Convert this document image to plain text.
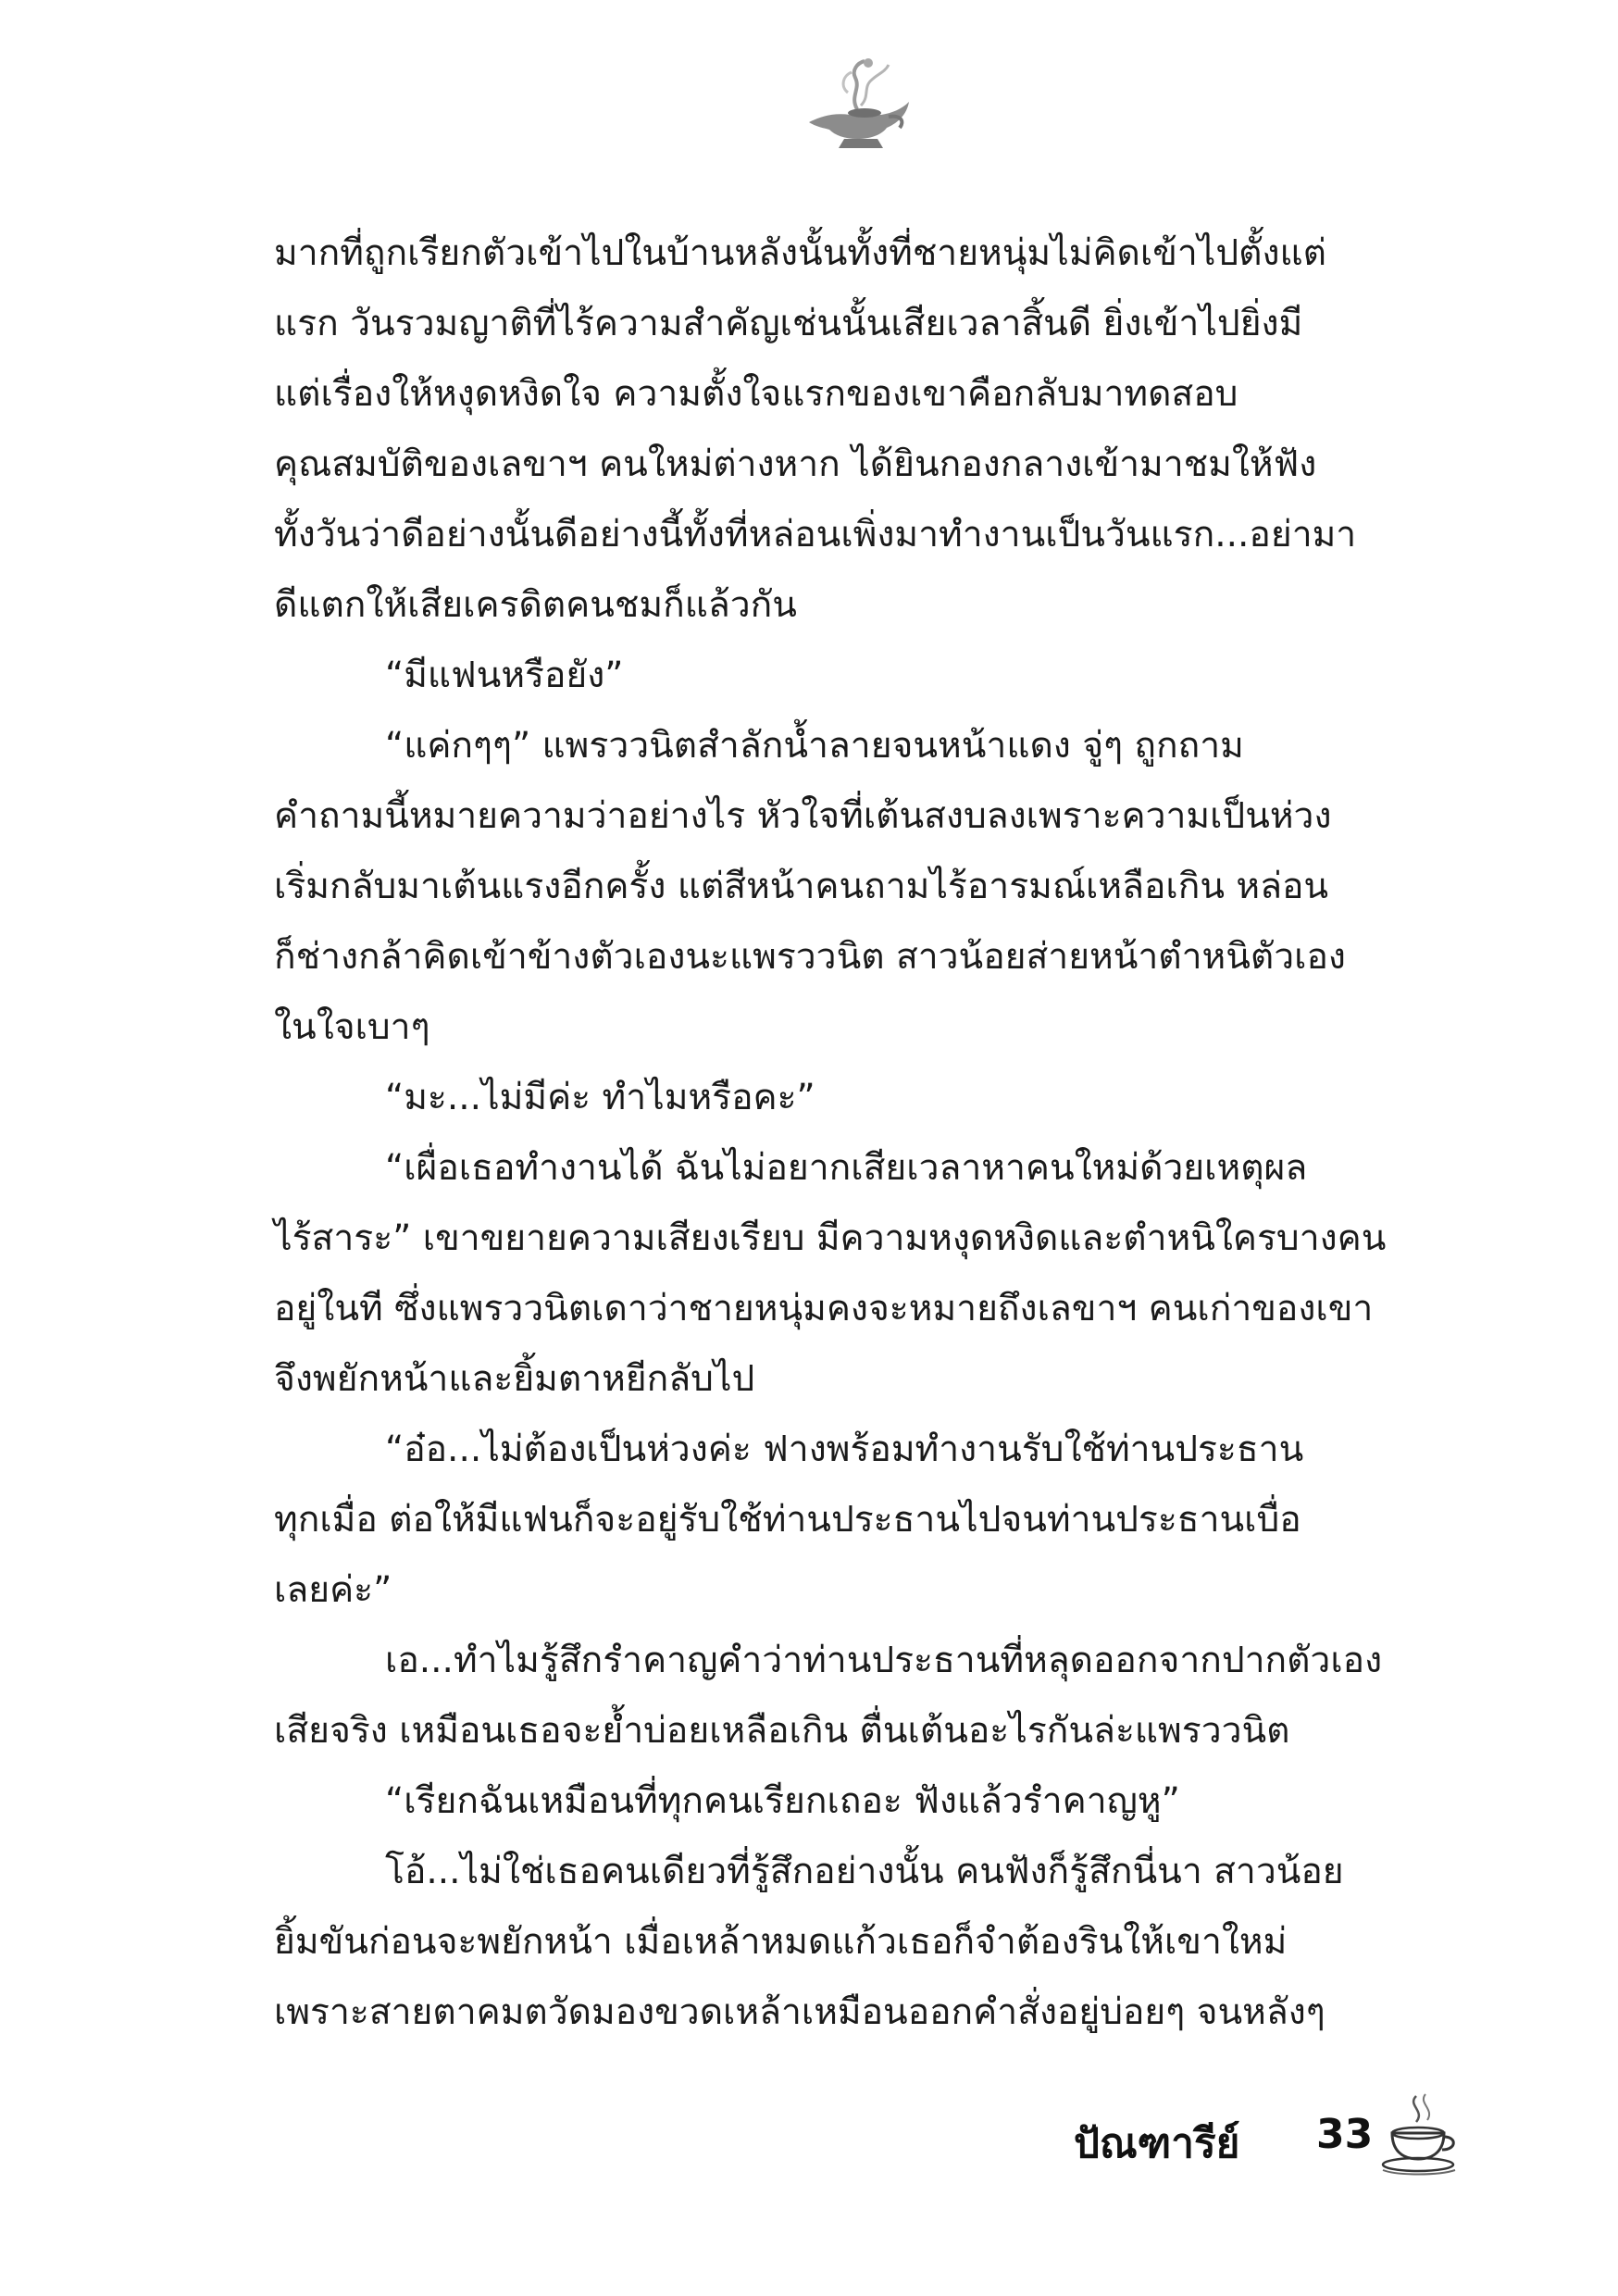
มากที่ถูกเรียกตัวเข้าไปในบ้านหลังนั้นทั้งที่ชายหนุ่มไม่คิดเข้าไปตั้งแต่
แรก วันรวมญาติที่ไร้ความสำคัญเช่นนั้นเสียเวลาสิ้นดี ยิ่งเข้าไปยิ่งมี
แต่เรื่องให้หงุดหงิดใจ ความตั้งใจแรกของเขาคือกลับมาทดสอบ
คุณสมบัติของเลขาฯ คนใหม่ต่างหาก ได้ยินกองกลางเข้ามาชมให้ฟัง
ทั้งวันว่าดีอย่างนั้นดีอย่างนี้ทั้งที่หล่อนเพิ่งมาทำงานเป็นวันแรก...อย่ามา
ดีแตกให้เสียเครดิตคนชมก็แล้วกัน
“มีแฟนหรือยัง”
“แค่กๆๆ” แพรววนิตสำลักน้ำลายจนหน้าแดง จู่ๆ ถูกถาม
คำถามนี้หมายความว่าอย่างไร หัวใจที่เต้นสงบลงเพราะความเป็นห่วง
เริ่มกลับมาเต้นแรงอีกครั้ง แต่สีหน้าคนถามไร้อารมณ์เหลือเกิน หล่อน
ก็ช่างกล้าคิดเข้าข้างตัวเองนะแพรววนิต สาวน้อยส่ายหน้าตำหนิตัวเอง
ในใจเบาๆ
“มะ...ไม่มีค่ะ ทำไมหรือคะ”
“เผื่อเธอทำงานได้ ฉันไม่อยากเสียเวลาหาคนใหม่ด้วยเหตุผล
ไร้สาระ” เขาขยายความเสียงเรียบ มีความหงุดหงิดและตำหนิใครบางคน
อยู่ในที ซึ่งแพรววนิตเดาว่าชายหนุ่มคงจะหมายถึงเลขาฯ คนเก่าของเขา
จึงพยักหน้าและยิ้มตาหยีกลับไป
“อ๋อ...ไม่ต้องเป็นห่วงค่ะ ฟางพร้อมทำงานรับใช้ท่านประธาน
ทุกเมื่อ ต่อให้มีแฟนก็จะอยู่รับใช้ท่านประธานไปจนท่านประธานเบื่อ
เลยค่ะ”
เอ...ทำไมรู้สึกรำคาญคำว่าท่านประธานที่หลุดออกจากปากตัวเอง
เสียจริง เหมือนเธอจะย้ำบ่อยเหลือเกิน ตื่นเต้นอะไรกันล่ะแพรววนิต
“เรียกฉันเหมือนที่ทุกคนเรียกเถอะ ฟังแล้วรำคาญหู”
โอ้...ไม่ใช่เธอคนเดียวที่รู้สึกอย่างนั้น คนฟังก็รู้สึกนี่นา สาวน้อย
ยิ้มขันก่อนจะพยักหน้า เมื่อเหล้าหมดแก้วเธอก็จำต้องรินให้เขาใหม่
เพราะสายตาคมตวัดมองขวดเหล้าเหมือนออกคำสั่งอยู่บ่อยๆ จนหลังๆ
ปัณฑารีย์ 33
